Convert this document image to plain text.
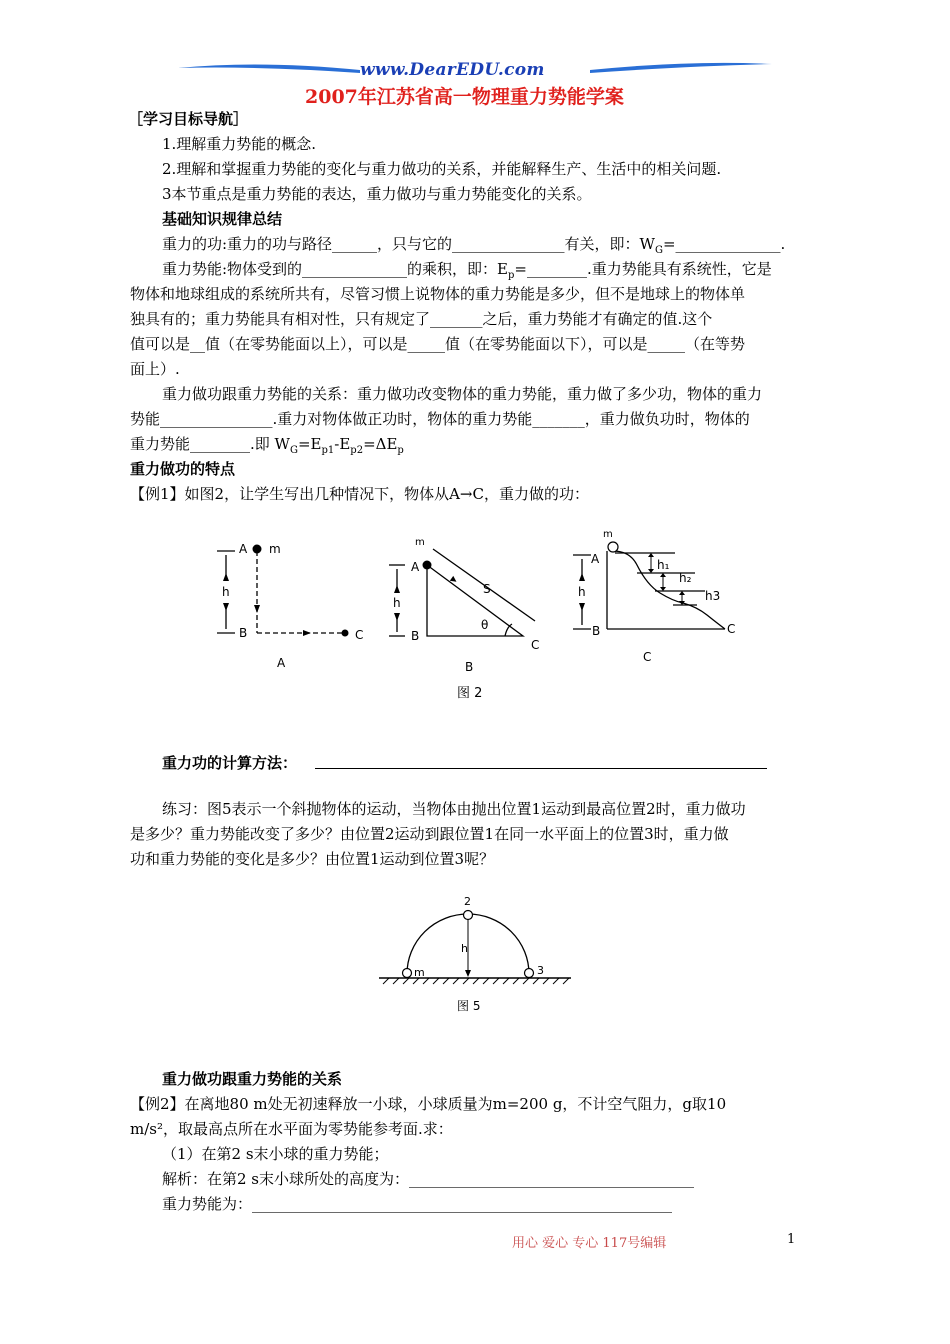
www.DearEDU.com
2007年江苏省高一物理重力势能学案
［学习目标导航］
1.理解重力势能的概念.
2.理解和掌握重力势能的变化与重力做功的关系，并能解释生产、生活中的相关问题.
3本节重点是重力势能的表达，重力做功与重力势能变化的关系。
基础知识规律总结
重力的功:重力的功与路径______，只与它的_______________有关，即：$W_G=\_\_\_\_\_\_\_\_\_\_\_\_\_\_$.
重力势能:物体受到的______________的乘积，即：$E_p=\_\_\_\_\_\_\_\_$.重力势能具有系统性，它是
物体和地球组成的系统所共有，尽管习惯上说物体的重力势能是多少，但不是地球上的物体单
独具有的；重力势能具有相对性，只有规定了_______之后，重力势能才有确定的值.这个
值可以是__值（在零势能面以上），可以是_____值（在零势能面以下），可以是_____（在等势
面上）.
重力做功跟重力势能的关系：重力做功改变物体的重力势能，重力做了多少功，物体的重力
势能_______________.重力对物体做正功时，物体的重力势能_______，重力做负功时，物体的
重力势能________.即 $W_G=E_{p1}-E_{p2}=\Delta E_p$
重力做功的特点
【例1】如图2，让学生写出几种情况下，物体从A→C，重力做的功：
A m
h
B	C
A
m
A
h
B
C
S
θ
B
m
A
h
B	C
h₁
h₂
h3
C
图 2
重力功的计算方法：
练习：图5表示一个斜抛物体的运动，当物体由抛出位置1运动到最高位置2时，重力做功
是多少？重力势能改变了多少？由位置2运动到跟位置1在同一水平面上的位置3时，重力做
功和重力势能的变化是多少？由位置1运动到位置3呢？
m
2
3
h
图 5
重力做功跟重力势能的关系
【例2】在离地80 m处无初速释放一小球，小球质量为m=200 g，不计空气阻力，g取10
m/s²，取最高点所在水平面为零势能参考面.求：
（1）在第2 s末小球的重力势能；
解析：在第2 s末小球所处的高度为：______________________________________
重力势能为：________________________________________________________
用心 爱心 专心 117号编辑	1
